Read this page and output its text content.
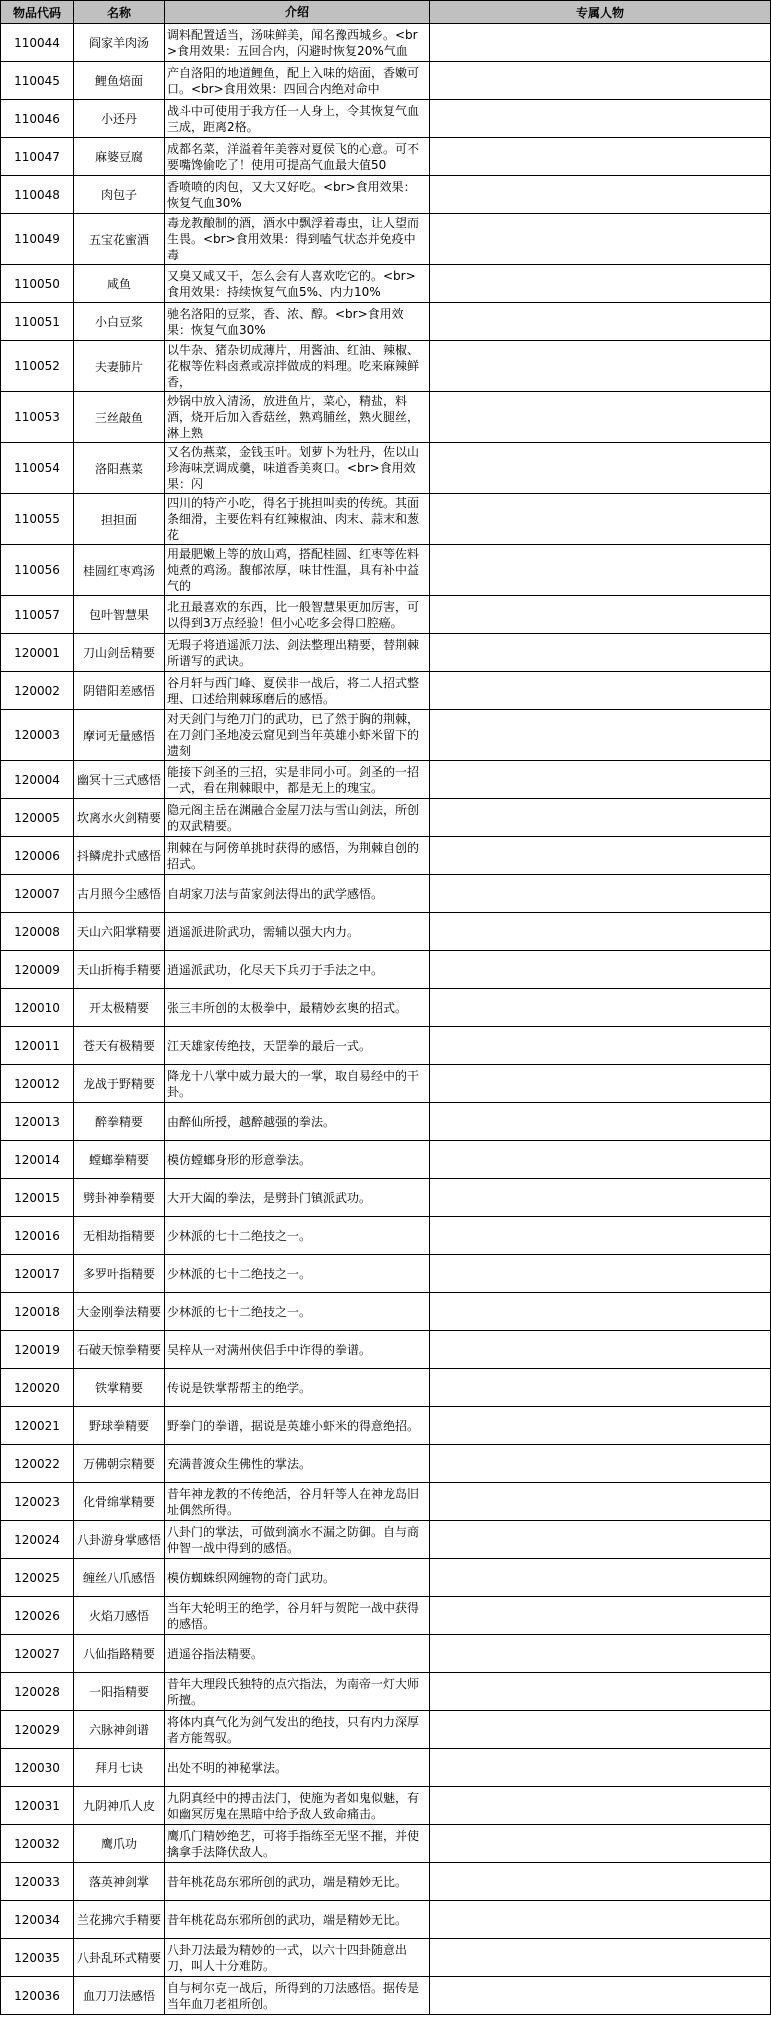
物品代码	名称	介绍	专属人物
110044	阎家羊肉汤	调料配置适当，汤味鲜美，闻名豫西城乡。<br>食用效果：五回合内，闪避时恢复20%气血	
110045	鲤鱼焙面	产自洛阳的地道鲤鱼，配上入味的焙面，香嫩可口。<br>食用效果：四回合内绝对命中	
110046	小还丹	战斗中可使用于我方任一人身上，令其恢复气血三成，距离2格。	
110047	麻婆豆腐	成都名菜，洋溢着年美蓉对夏侯飞的心意。可不要嘴馋偷吃了！使用可提高气血最大值50	
110048	肉包子	香喷喷的肉包，又大又好吃。<br>食用效果：恢复气血30%	
110049	五宝花蜜酒	毒龙教酿制的酒，酒水中飘浮着毒虫，让人望而生畏。<br>食用效果：得到嗑气状态并免疫中毒	
110050	咸鱼	又臭又咸又干，怎么会有人喜欢吃它的。<br>食用效果：持续恢复气血5%、内力10%	
110051	小白豆浆	驰名洛阳的豆浆，香、浓、醇。<br>食用效果：恢复气血30%	
110052	夫妻肺片	以牛杂、猪杂切成薄片，用酱油、红油、辣椒、花椒等佐料卤煮或凉拌做成的料理。吃来麻辣鲜香，	
110053	三丝敲鱼	炒锅中放入清汤，放进鱼片，菜心，精盐，料酒，烧开后加入香菇丝，熟鸡脯丝，熟火腿丝，淋上熟	
110054	洛阳燕菜	又名伪燕菜，金钱玉叶。划萝卜为牡丹，佐以山珍海味烹调成羹，味道香美爽口。<br>食用效果：闪	
110055	担担面	四川的特产小吃，得名于挑担叫卖的传统。其面条细滑，主要佐料有红辣椒油、肉末、蒜末和葱花	
110056	桂圆红枣鸡汤	用最肥嫩上等的放山鸡，搭配桂圆、红枣等佐料炖煮的鸡汤。馥郁浓厚，味甘性温，具有补中益气的	
110057	包叶智慧果	北丑最喜欢的东西，比一般智慧果更加厉害，可以得到3万点经验！但小心吃多会得口腔癌。	
120001	刀山剑岳精要	无瑕子将逍遥派刀法、剑法整理出精要，替荆棘所谱写的武诀。	
120002	阴错阳差感悟	谷月轩与西门峰、夏侯非一战后，将二人招式整理、口述给荆棘琢磨后的感悟。	
120003	摩诃无量感悟	对天剑门与绝刀门的武功，已了然于胸的荆棘，在刀剑门圣地凌云窟见到当年英雄小虾米留下的遗刻	
120004	幽冥十三式感悟	能接下剑圣的三招，实是非同小可。剑圣的一招一式，看在荆棘眼中，都是无上的瑰宝。	
120005	坎离水火剑精要	隐元阁主岳在渊融合金屋刀法与雪山剑法，所创的双武精要。	
120006	抖鳞虎扑式感悟	荆棘在与阿傍单挑时获得的感悟，为荆棘自创的招式。	
120007	古月照今尘感悟	自胡家刀法与苗家剑法得出的武学感悟。	
120008	天山六阳掌精要	逍遥派进阶武功，需辅以强大内力。	
120009	天山折梅手精要	逍遥派武功，化尽天下兵刃于手法之中。	
120010	开太极精要	张三丰所创的太极拳中，最精妙玄奥的招式。	
120011	苍天有极精要	江天雄家传绝技，天罡拳的最后一式。	
120012	龙战于野精要	降龙十八掌中威力最大的一掌，取自易经中的干卦。	
120013	醉拳精要	由醉仙所授，越醉越强的拳法。	
120014	螳螂拳精要	模仿螳螂身形的形意拳法。	
120015	劈卦神拳精要	大开大阖的拳法，是劈卦门镇派武功。	
120016	无相劫指精要	少林派的七十二绝技之一。	
120017	多罗叶指精要	少林派的七十二绝技之一。	
120018	大金刚拳法精要	少林派的七十二绝技之一。	
120019	石破天惊拳精要	吴梓从一对满州侠侣手中诈得的拳谱。	
120020	铁掌精要	传说是铁掌帮帮主的绝学。	
120021	野球拳精要	野拳门的拳谱，据说是英雄小虾米的得意绝招。	
120022	万佛朝宗精要	充满普渡众生佛性的掌法。	
120023	化骨绵掌精要	昔年神龙教的不传绝活，谷月轩等人在神龙岛旧址偶然所得。	
120024	八卦游身掌感悟	八卦门的掌法，可做到滴水不漏之防御。自与商仲智一战中得到的感悟。	
120025	缠丝八爪感悟	模仿蜘蛛织网缠物的奇门武功。	
120026	火焰刀感悟	当年大轮明王的绝学，谷月轩与贺陀一战中获得的感悟。	
120027	八仙指路精要	逍遥谷指法精要。	
120028	一阳指精要	昔年大理段氏独特的点穴指法，为南帝一灯大师所擅。	
120029	六脉神剑谱	将体内真气化为剑气发出的绝技，只有内力深厚者方能驾驭。	
120030	拜月七诀	出处不明的神秘掌法。	
120031	九阴神爪人皮	九阴真经中的搏击法门，使施为者如鬼似魅，有如幽冥厉鬼在黑暗中给予敌人致命痛击。	
120032	鹰爪功	鹰爪门精妙绝艺，可将手指练至无坚不摧，并使擒拿手法降伏敌人。	
120033	落英神剑掌	昔年桃花岛东邪所创的武功，端是精妙无比。	
120034	兰花拂穴手精要	昔年桃花岛东邪所创的武功，端是精妙无比。	
120035	八卦乱环式精要	八卦刀法最为精妙的一式，以六十四卦随意出刀，叫人十分难防。	
120036	血刀刀法感悟	自与柯尔克一战后，所得到的刀法感悟。据传是当年血刀老祖所创。	
